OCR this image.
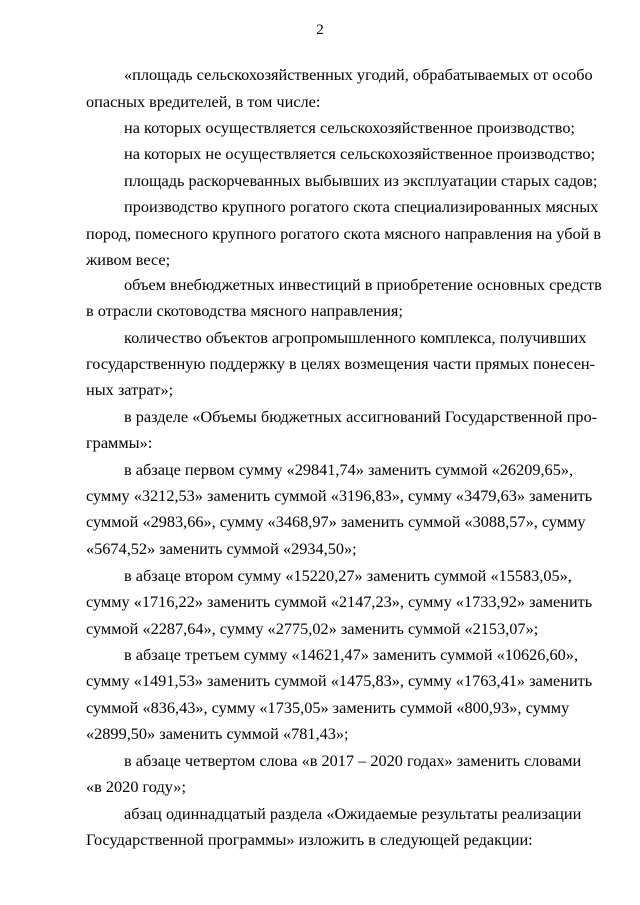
2
«площадь сельскохозяйственных угодий, обрабатываемых от особо
опасных вредителей, в том числе:
на которых осуществляется сельскохозяйственное производство;
на которых не осуществляется сельскохозяйственное производство;
площадь раскорчеванных выбывших из эксплуатации старых садов;
производство крупного рогатого скота специализированных мясных
пород, помесного крупного рогатого скота мясного направления на убой в
живом весе;
объем внебюджетных инвестиций в приобретение основных средств
в отрасли скотоводства мясного направления;
количество объектов агропромышленного комплекса, получивших
государственную поддержку в целях возмещения части прямых понесен-
ных затрат»;
в разделе «Объемы бюджетных ассигнований Государственной про-
граммы»:
в абзаце первом сумму «29841,74» заменить суммой «26209,65»,
сумму «3212,53» заменить суммой «3196,83», сумму «3479,63» заменить
суммой «2983,66», сумму «3468,97» заменить суммой «3088,57», сумму
«5674,52» заменить суммой «2934,50»;
в абзаце втором сумму «15220,27» заменить суммой «15583,05»,
сумму «1716,22» заменить суммой «2147,23», сумму «1733,92» заменить
суммой «2287,64», сумму «2775,02» заменить суммой «2153,07»;
в абзаце третьем сумму «14621,47» заменить суммой «10626,60»,
сумму «1491,53» заменить суммой «1475,83», сумму «1763,41» заменить
суммой «836,43», сумму «1735,05» заменить суммой «800,93», сумму
«2899,50» заменить суммой «781,43»;
в абзаце четвертом слова «в 2017 – 2020 годах» заменить словами
«в 2020 году»;
абзац одиннадцатый раздела «Ожидаемые результаты реализации
Государственной программы» изложить в следующей редакции:
